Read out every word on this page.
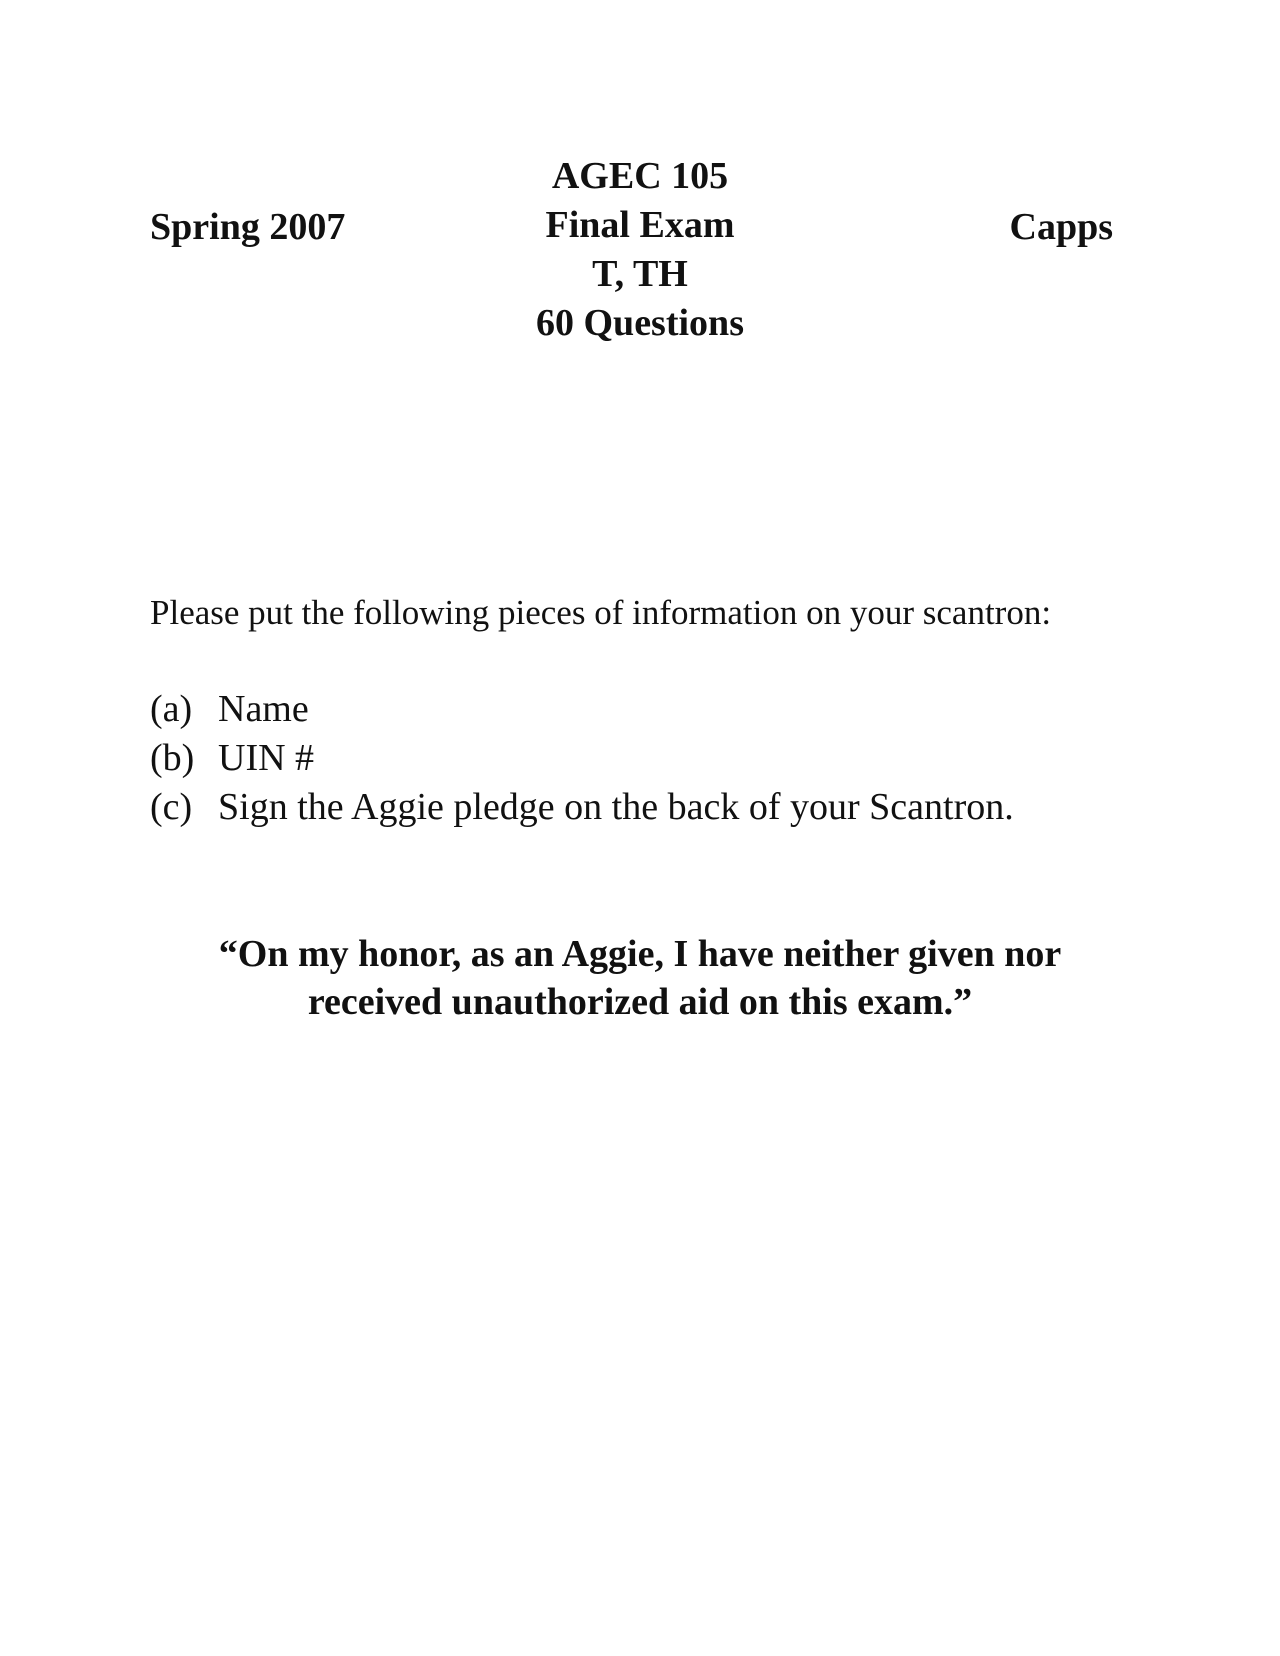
Spring 2007
AGEC 105
Final Exam
T, TH
60 Questions
Capps
Please put the following pieces of information on your scantron:
(a) Name
(b) UIN #
(c) Sign the Aggie pledge on the back of your Scantron.
“On my honor, as an Aggie, I have neither given nor
received unauthorized aid on this exam.”
